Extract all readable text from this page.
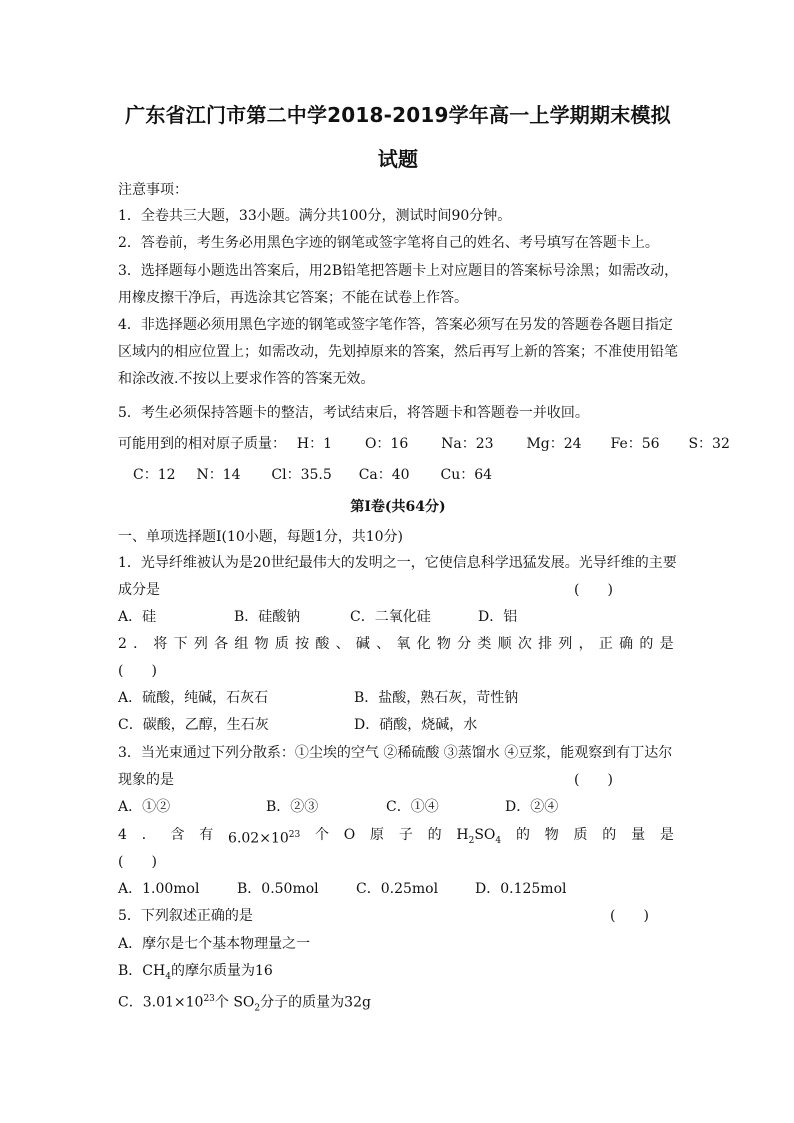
广东省江门市第二中学2018-2019学年高一上学期期末模拟
试题
注意事项：
1．全卷共三大题，33小题。满分共100分，测试时间90分钟。
2．答卷前，考生务必用黑色字迹的钢笔或签字笔将自己的姓名、考号填写在答题卡上。
3．选择题每小题选出答案后，用2B铅笔把答题卡上对应题目的答案标号涂黑；如需改动，
用橡皮擦干净后，再选涂其它答案；不能在试卷上作答。
4．非选择题必须用黑色字迹的钢笔或签字笔作答，答案必须写在另发的答题卷各题目指定
区域内的相应位置上；如需改动，先划掉原来的答案，然后再写上新的答案；不准使用铅笔
和涂改液.不按以上要求作答的答案无效。
5．考生必须保持答题卡的整洁，考试结束后，将答题卡和答题卷一并收回。
可能用到的相对原子质量： H：1 O：16 Na：23 Mg：24 Fe：56 S：32
C：12 N：14 Cl：35.5 Ca：40 Cu：64
第Ⅰ卷(共64分)
一、单项选择题Ⅰ(10小题，每题1分，共10分)
1．光导纤维被认为是20世纪最伟大的发明之一，它使信息科学迅猛发展。光导纤维的主要
成分是	(　　)
A．硅	B．硅酸钠	C．二氧化硅	D．铝
2 ． 将 下 列 各 组 物 质 按 酸 、 碱 、 氧 化 物 分 类 顺 次 排 列 ， 正 确 的 是
(　　)
A．硫酸，纯碱，石灰石	B．盐酸，熟石灰，苛性钠
C．碳酸，乙醇，生石灰	D．硝酸，烧碱，水
3．当光束通过下列分散系：①尘埃的空气 ②稀硫酸 ③蒸馏水 ④豆浆，能观察到有丁达尔
现象的是	(　　)
A．①②	B．②③	C．①④	D．②④
4 ． 含 有 $6.02\times 10^{23}$ 个 O 原 子 的 $H_2SO_4$ 的 物 质 的 量 是
(　　)
A．1.00mol	B．0.50mol	C．0.25mol	D．0.125mol
5．下列叙述正确的是	(　　)
A．摩尔是七个基本物理量之一
B．$CH_4$的摩尔质量为16
C．$3.01\times 10^{23}$个 $SO_2$分子的质量为32g
